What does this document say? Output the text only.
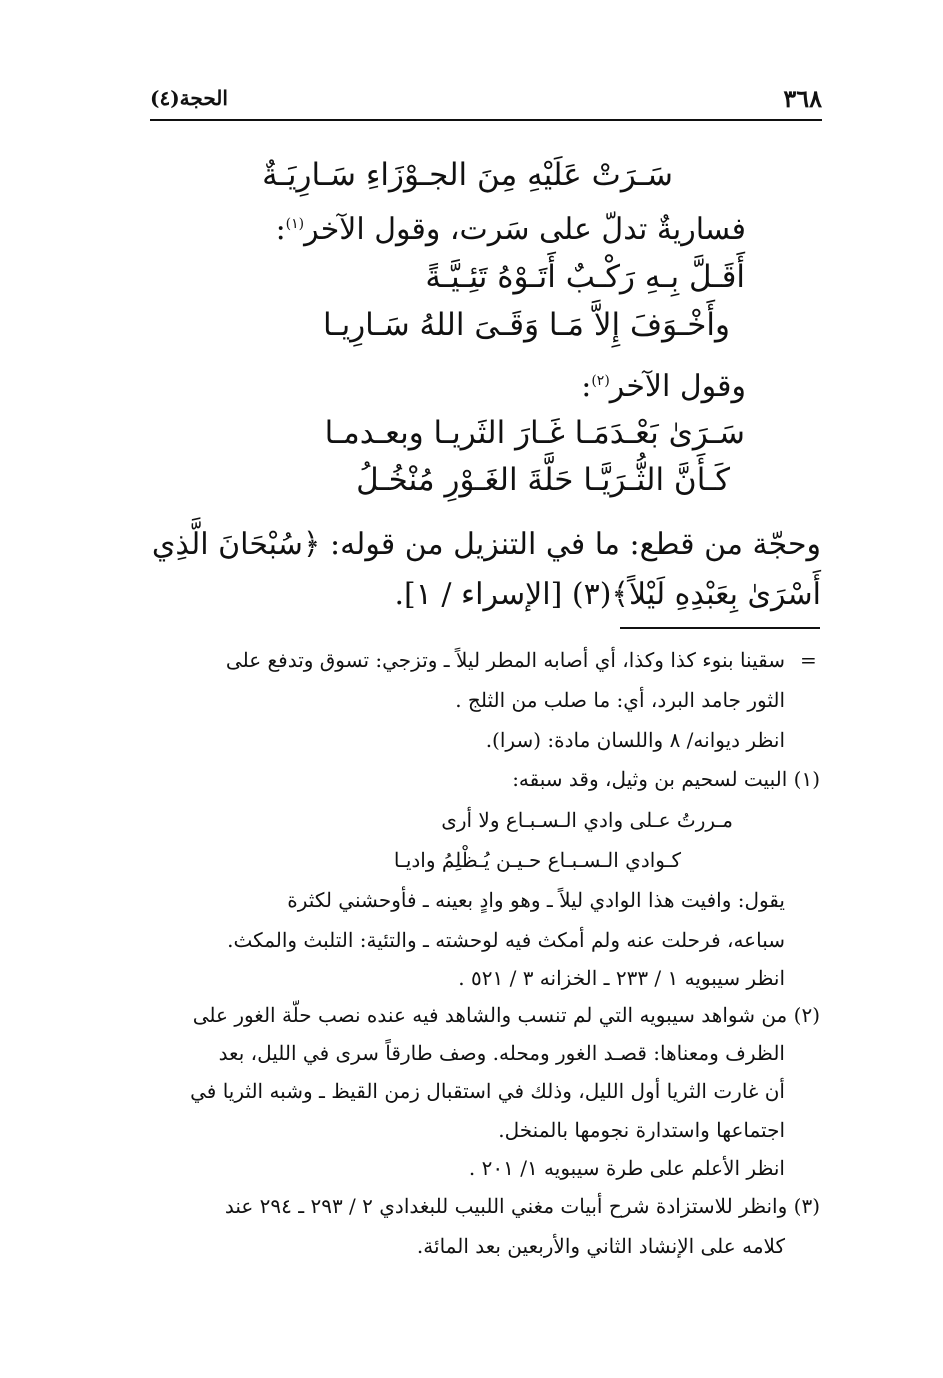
٣٦٨
الحجة(٤)
سَـرَتْ عَلَيْهِ مِنَ الجـوْزَاءِ سَـارِيَـةٌ
فساريةٌ تدلّ على سَرت، وقول الآخر$^{(١)}$:
أَقَـلَّ بِـهِ رَكْـبٌ أَتَـوْهُ تَئِـيَّـةً
وأَخْـوَفَ إِلاَّ مَـا وَقَـىَ اللهُ سَـارِيـا
وقول الآخر$^{(٢)}$:
سَـرَىٰ بَعْـدَمَـا غَـارَ الثَريـا وبعـدمـا
كَـأَنَّ الثُّـرَيَّـا حَلَّةَ الغَـوْرِ مُنْخُـلُ
وحجّة من قطع: ما في التنزيل من قوله: ﴿سُبْحَانَ الَّذِي
أَسْرَىٰ بِعَبْدِهِ لَيْلاً﴾(٣) [الإسراء / ١].
=
سقينا بنوء كذا وكذا، أي أصابه المطر ليلاً ـ وتزجي: تسوق وتدفع على
الثور جامد البرد، أي: ما صلب من الثلج .
انظر ديوانه/ ٨ واللسان مادة: (سرا).
(١) البيت لسحيم بن وثيل، وقد سبقه:
مـررتُ عـلى وادي الـسـبـاع ولا أرى
كـوادي الـسـبـاع حـيـن يُـظْلِمُ واديـا
يقول: وافيت هذا الوادي ليلاً ـ وهو وادٍ بعينه ـ فأوحشني لكثرة
سباعه، فرحلت عنه ولم أمكث فيه لوحشته ـ والتئية: التلبث والمكث.
انظر سيبويه ١ / ٢٣٣ ـ الخزانه ٣ / ٥٢١ .
(٢) من شواهد سيبويه التي لم تنسب والشاهد فيه عنده نصب حلّة الغور على
الظرف ومعناها: قصـد الغور ومحله. وصف طارقاً سرى في الليل، بعد
أن غارت الثريا أول الليل، وذلك في استقبال زمن القيظ ـ وشبه الثريا في
اجتماعها واستدارة نجومها بالمنخل.
انظر الأعلم على طرة سيبويه ١/ ٢٠١ .
(٣) وانظر للاستزادة شرح أبيات مغني اللبيب للبغدادي ٢ / ٢٩٣ ـ ٢٩٤ عند
كلامه على الإنشاد الثاني والأربعين بعد المائة.
